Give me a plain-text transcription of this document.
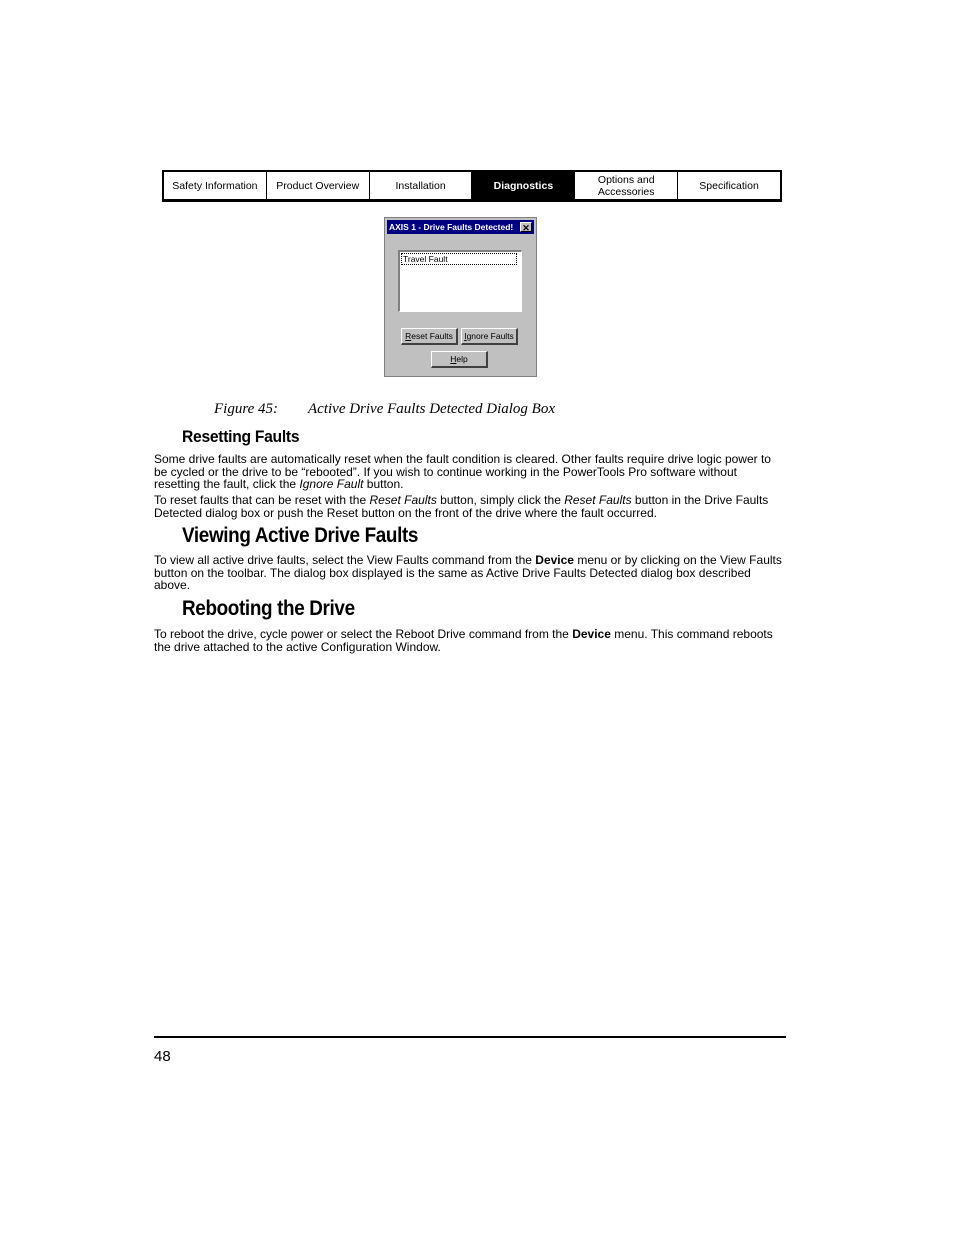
Safety Information	Product Overview	Installation	Diagnostics	Options and
Accessories	Specification
AXIS 1 - Drive Faults Detected! ✕
Travel Fault
Reset Faults	Ignore Faults
Help
Figure 45: Active Drive Faults Detected Dialog Box
Resetting Faults

Some drive faults are automatically reset when the fault condition is cleared. Other faults require drive logic power to be cycled or the drive to be “rebooted”. If you wish to continue working in the PowerTools Pro software without resetting the fault, click the Ignore Fault button.

To reset faults that can be reset with the Reset Faults button, simply click the Reset Faults button in the Drive Faults Detected dialog box or push the Reset button on the front of the drive where the fault occurred.

Viewing Active Drive Faults

To view all active drive faults, select the View Faults command from the Device menu or by clicking on the View Faults button on the toolbar. The dialog box displayed is the same as Active Drive Faults Detected dialog box described above.

Rebooting the Drive

To reboot the drive, cycle power or select the Reboot Drive command from the Device menu. This command reboots the drive attached to the active Configuration Window.

48
